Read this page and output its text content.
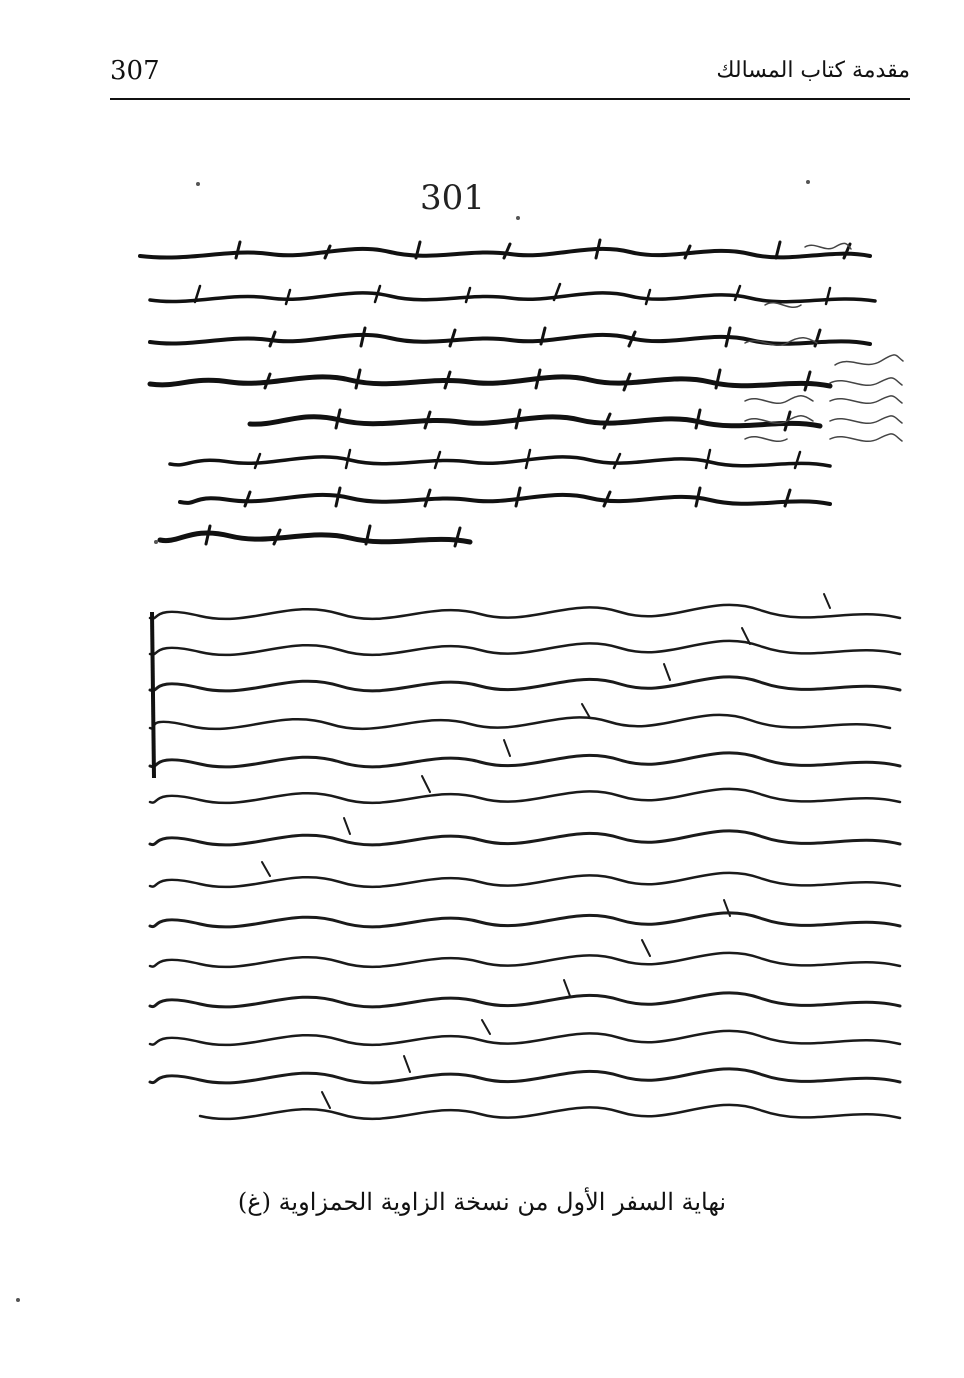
307	مقدمة كتاب المسالك
301
نهاية السفر الأول من نسخة الزاوية الحمزاوية (غ)
